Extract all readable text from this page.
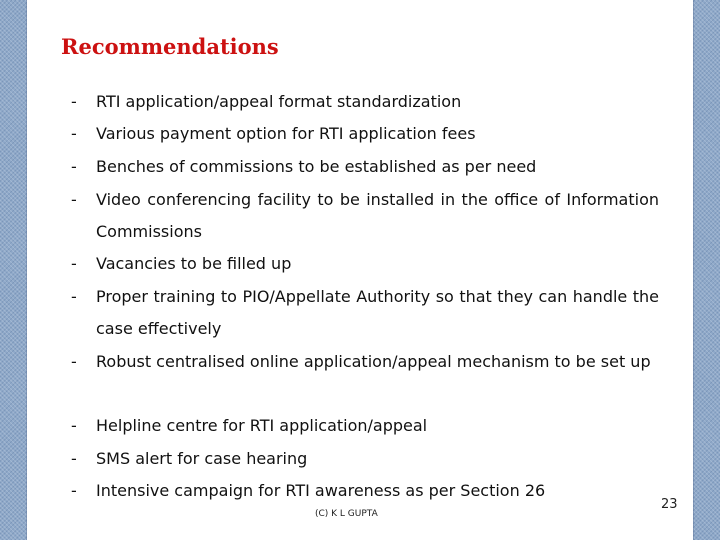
Recommendations
- RTI application/appeal format standardization
- Various payment option for RTI application fees
- Benches of commissions to be established as per need
- Video conferencing facility to be installed in the office of Information Commissions
- Vacancies to be filled up
- Proper training to PIO/Appellate Authority so that they can handle the case effectively
- Robust centralised online application/appeal mechanism to be set up
- Helpline centre for RTI application/appeal
- SMS alert for case hearing
- Intensive campaign for RTI awareness as per Section 26
(C) K L GUPTA
23
